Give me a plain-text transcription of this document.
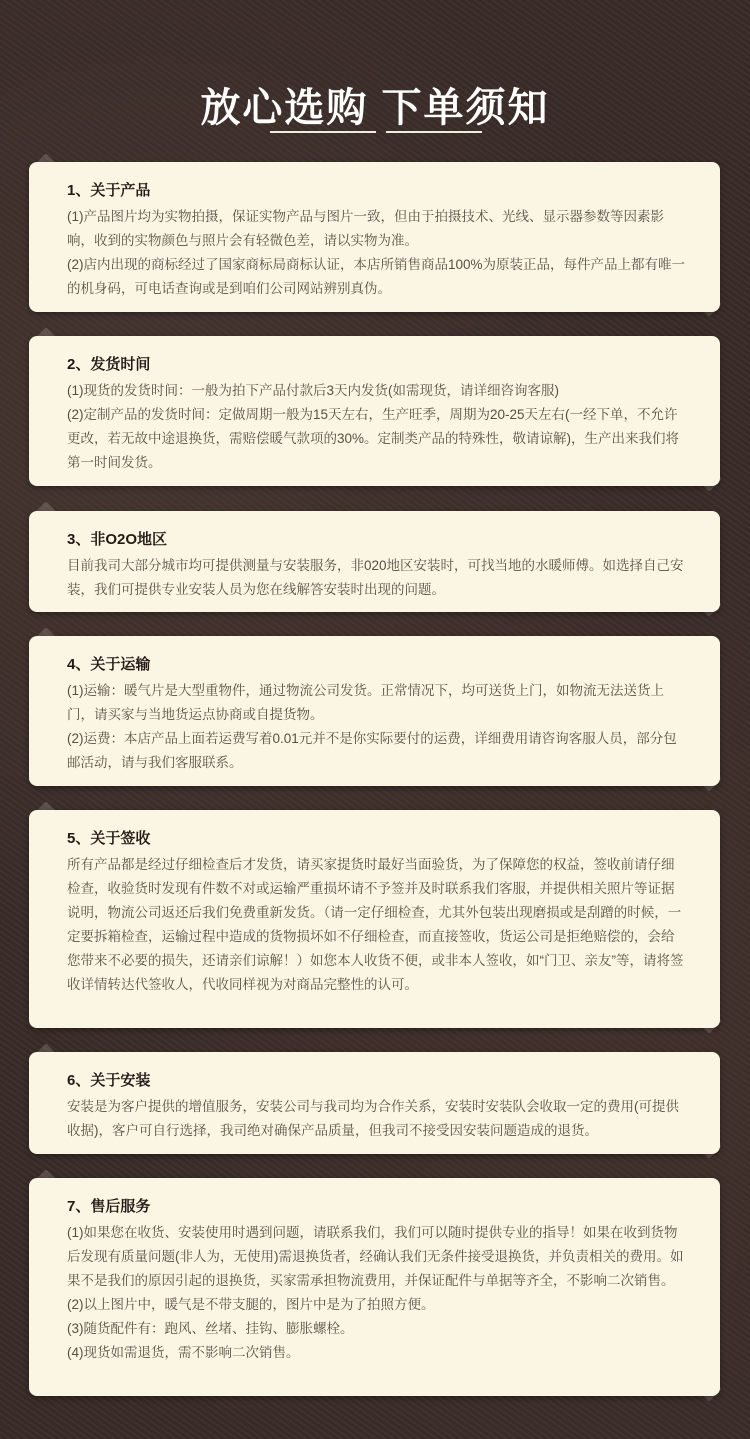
放心选购 下单须知
1、关于产品

(1)产品图片均为实物拍摄，保证实物产品与图片一致，但由于拍摄技术、光线、显示器参数等因素影响，收到的实物颜色与照片会有轻微色差，请以实物为准。

(2)店内出现的商标经过了国家商标局商标认证，本店所销售商品100%为原装正品，每件产品上都有唯一的机身码，可电话查询或是到咱们公司网站辨别真伪。

2、发货时间

(1)现货的发货时间：一般为拍下产品付款后3天内发货(如需现货，请详细咨询客服)

(2)定制产品的发货时间：定做周期一般为15天左右，生产旺季，周期为20-25天左右(一经下单，不允许更改，若无故中途退换货，需赔偿暖气款项的30%。定制类产品的特殊性，敬请谅解)，生产出来我们将第一时间发货。

3、非O2O地区

目前我司大部分城市均可提供测量与安装服务，非020地区安装时，可找当地的水暖师傅。如选择自己安装，我们可提供专业安装人员为您在线解答安装时出现的问题。

4、关于运输

(1)运输：暖气片是大型重物件，通过物流公司发货。正常情况下，均可送货上门，如物流无法送货上门，请买家与当地货运点协商或自提货物。

(2)运费：本店产品上面若运费写着0.01元并不是你实际要付的运费，详细费用请咨询客服人员，部分包邮活动，请与我们客服联系。

5、关于签收

所有产品都是经过仔细检查后才发货，请买家提货时最好当面验货，为了保障您的权益，签收前请仔细检查，收验货时发现有件数不对或运输严重损坏请不予签并及时联系我们客服，并提供相关照片等证据说明，物流公司返还后我们免费重新发货。（请一定仔细检查，尤其外包装出现磨损或是刮蹭的时候，一定要拆箱检查，运输过程中造成的货物损坏如不仔细检查，而直接签收，货运公司是拒绝赔偿的，会给您带来不必要的损失，还请亲们谅解！）如您本人收货不便，或非本人签收，如“门卫、亲友”等，请将签收详情转达代签收人，代收同样视为对商品完整性的认可。

6、关于安装

安装是为客户提供的增值服务，安装公司与我司均为合作关系，安装时安装队会收取一定的费用(可提供收据)，客户可自行选择，我司绝对确保产品质量，但我司不接受因安装问题造成的退货。

7、售后服务

(1)如果您在收货、安装使用时遇到问题，请联系我们，我们可以随时提供专业的指导！如果在收到货物后发现有质量问题(非人为，无使用)需退换货者，经确认我们无条件接受退换货，并负责相关的费用。如果不是我们的原因引起的退换货，买家需承担物流费用，并保证配件与单据等齐全，不影响二次销售。

(2)以上图片中，暖气是不带支腿的，图片中是为了拍照方便。

(3)随货配件有：跑风、丝堵、挂钩、膨胀螺栓。

(4)现货如需退货，需不影响二次销售。
